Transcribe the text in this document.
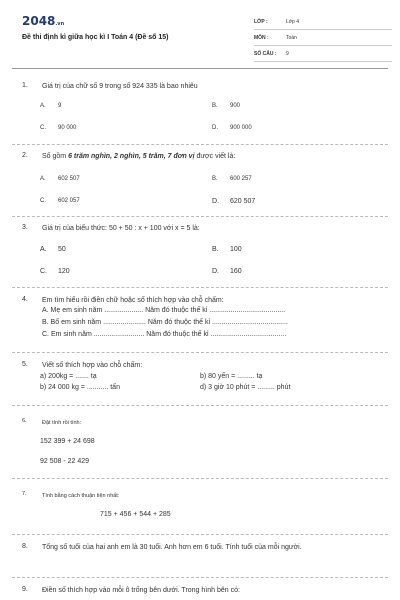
2048.vn
Đề thi định kì giữa học kì I Toán 4 (Đề số 15)
LỚP :	Lớp 4
MÔN :	Toán
SỐ CÂU :	9
1.	Giá trị của chữ số 9 trong số 924 335 là bao nhiêu
A. 9	B. 900
C. 90 000	D. 900 000
2.	Số gồm 6 trăm nghìn, 2 nghìn, 5 trăm, 7 đơn vị được viết là:
A. 602 507	B. 600 257
C. 602 057	D. 620 507
3.	Giá trị của biểu thức: 50 + 50 : x + 100 với x = 5 là:
A. 50	B. 100
C. 120	D. 160
4.	Em tìm hiểu rồi điền chữ hoặc số thích hợp vào chỗ chấm:
A. Mẹ em sinh năm .................... Năm đó thuộc thế kỉ .......................................
B. Bố em sinh năm ...................... Năm đó thuộc thế kỉ .......................................
C. Em sinh năm .......................... Năm đó thuộc thế kỉ .......................................
5.	Viết số thích hợp vào chỗ chấm:
a) 200kg = ....... tạ	b) 80 yến = ......... tạ
b) 24 000 kg = ........... tấn	d) 3 giờ 10 phút = ......... phút
6.	Đặt tính rồi tính:
152 399 + 24 698
92 508 - 22 429
7.	Tính bằng cách thuận tiện nhất:
715 + 456 + 544 + 285
8.	Tổng số tuổi của hai anh em là 30 tuổi. Anh hơn em 6 tuổi. Tính tuổi của mỗi người.
9.	Điền số thích hợp vào mỗi ô trống bên dưới. Trong hình bên có:
